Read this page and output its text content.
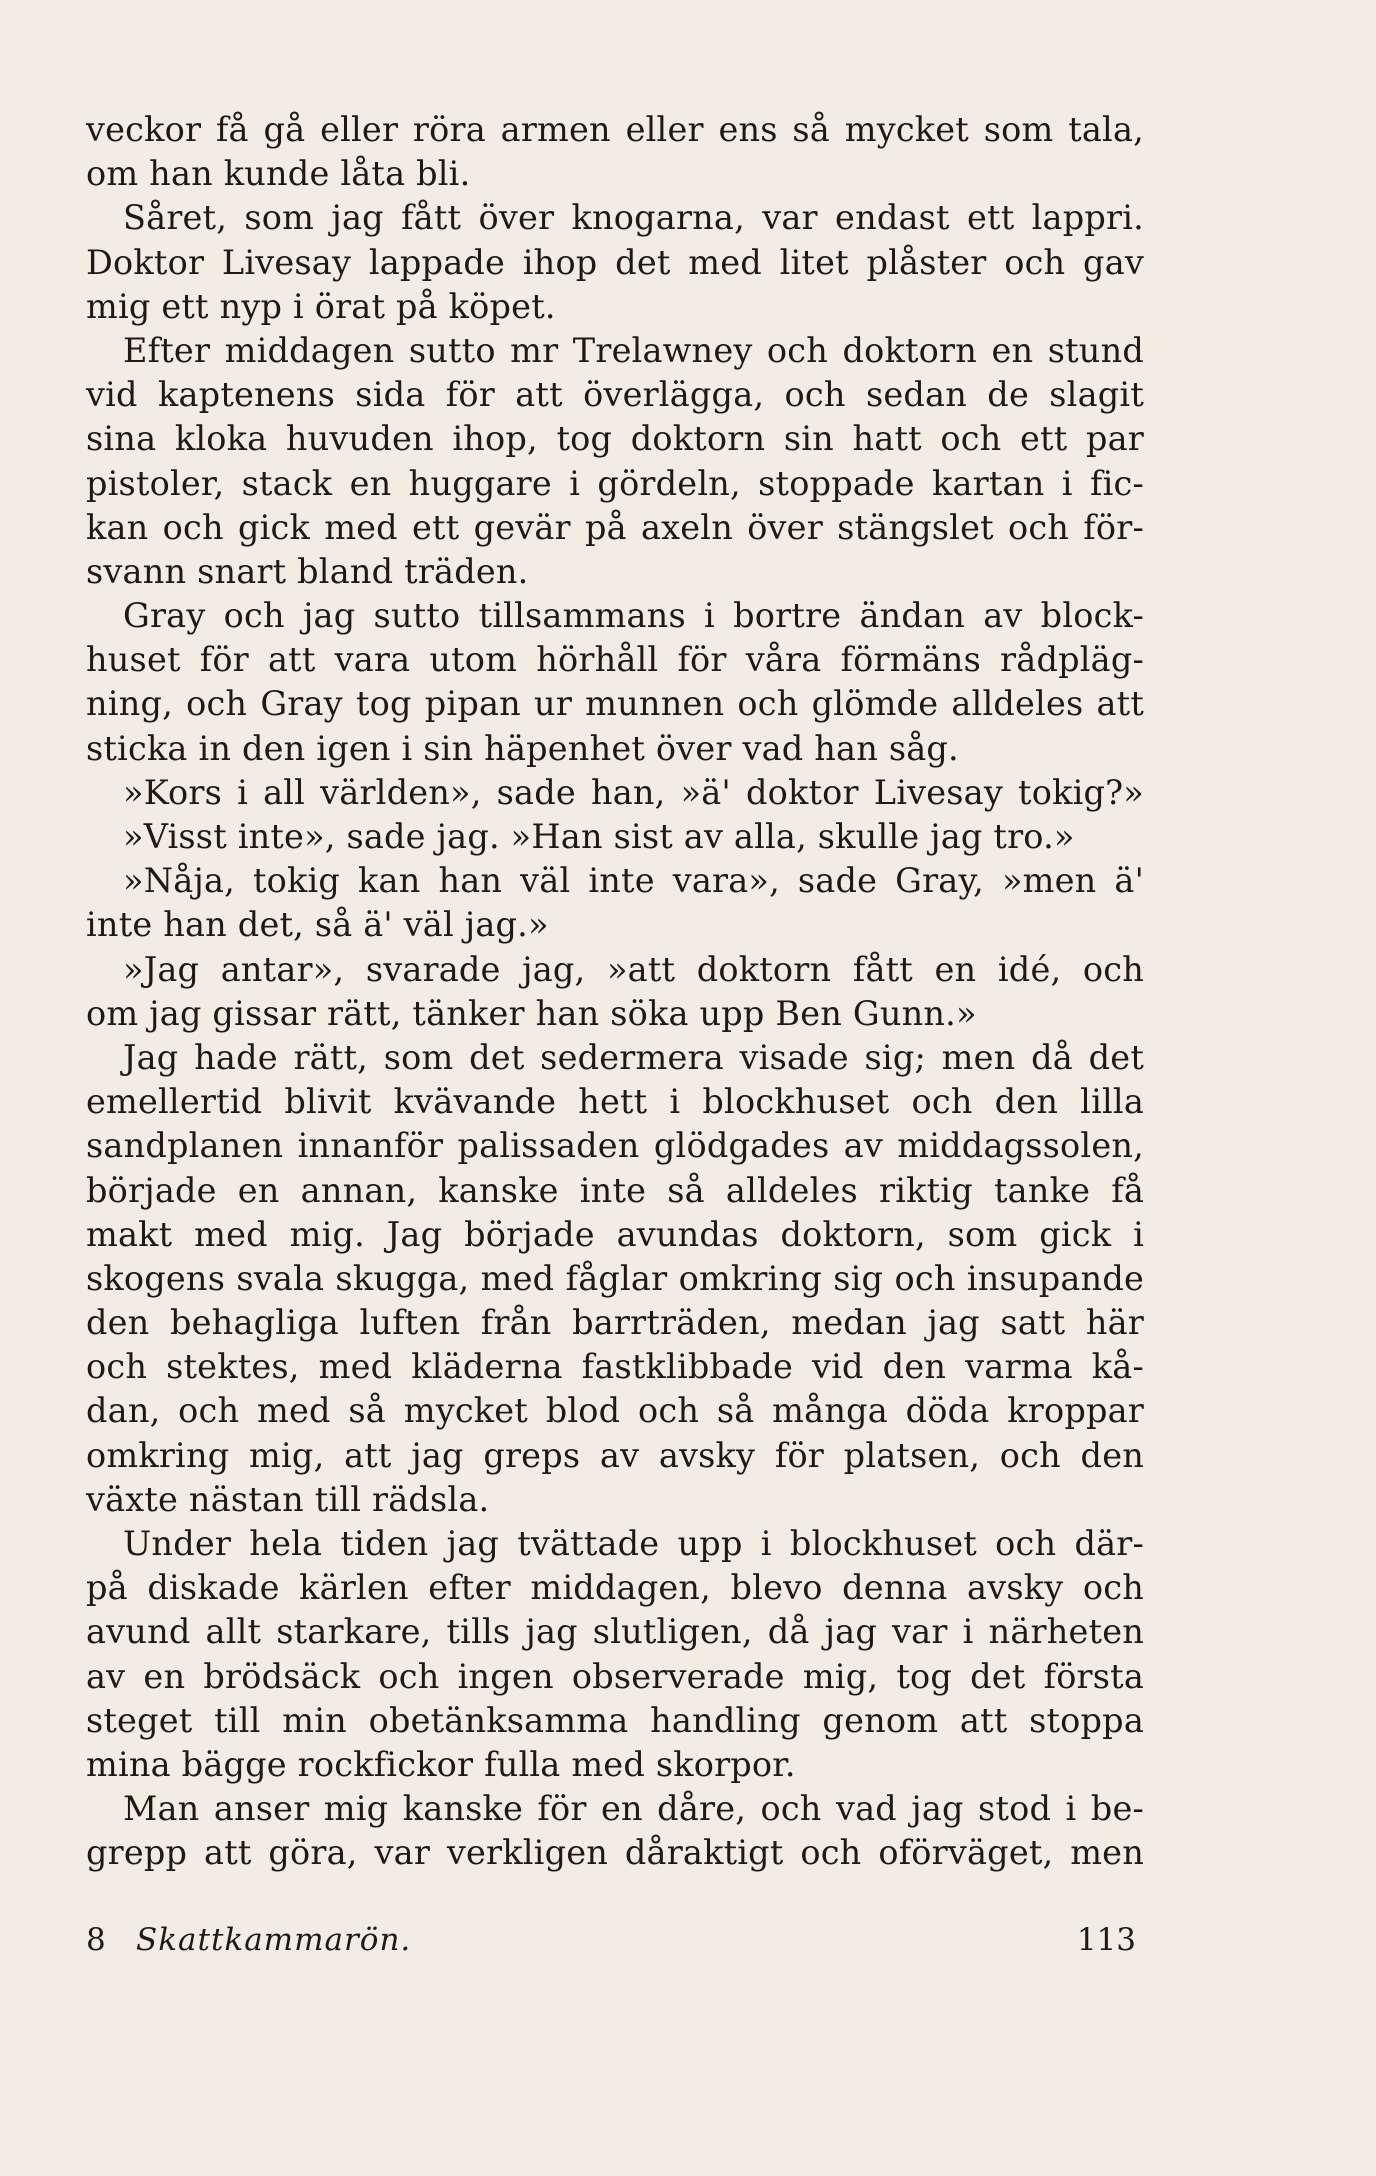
veckor få gå eller röra armen eller ens så mycket som tala,
om han kunde låta bli.
Såret, som jag fått över knogarna, var endast ett lappri.
Doktor Livesay lappade ihop det med litet plåster och gav
mig ett nyp i örat på köpet.
Efter middagen sutto mr Trelawney och doktorn en stund
vid kaptenens sida för att överlägga, och sedan de slagit
sina kloka huvuden ihop, tog doktorn sin hatt och ett par
pistoler, stack en huggare i gördeln, stoppade kartan i fic-
kan och gick med ett gevär på axeln över stängslet och för-
svann snart bland träden.
Gray och jag sutto tillsammans i bortre ändan av block-
huset för att vara utom hörhåll för våra förmäns rådpläg-
ning, och Gray tog pipan ur munnen och glömde alldeles att
sticka in den igen i sin häpenhet över vad han såg.
»Kors i all världen», sade han, »ä' doktor Livesay tokig?»
»Visst inte», sade jag. »Han sist av alla, skulle jag tro.»
»Nåja, tokig kan han väl inte vara», sade Gray, »men ä'
inte han det, så ä' väl jag.»
»Jag antar», svarade jag, »att doktorn fått en idé, och
om jag gissar rätt, tänker han söka upp Ben Gunn.»
Jag hade rätt, som det sedermera visade sig; men då det
emellertid blivit kvävande hett i blockhuset och den lilla
sandplanen innanför palissaden glödgades av middagssolen,
började en annan, kanske inte så alldeles riktig tanke få
makt med mig. Jag började avundas doktorn, som gick i
skogens svala skugga, med fåglar omkring sig och insupande
den behagliga luften från barrträden, medan jag satt här
och stektes, med kläderna fastklibbade vid den varma kå-
dan, och med så mycket blod och så många döda kroppar
omkring mig, att jag greps av avsky för platsen, och den
växte nästan till rädsla.
Under hela tiden jag tvättade upp i blockhuset och där-
på diskade kärlen efter middagen, blevo denna avsky och
avund allt starkare, tills jag slutligen, då jag var i närheten
av en brödsäck och ingen observerade mig, tog det första
steget till min obetänksamma handling genom att stoppa
mina bägge rockfickor fulla med skorpor.
Man anser mig kanske för en dåre, och vad jag stod i be-
grepp att göra, var verkligen dåraktigt och oförväget, men
8 Skattkammarön.	113
